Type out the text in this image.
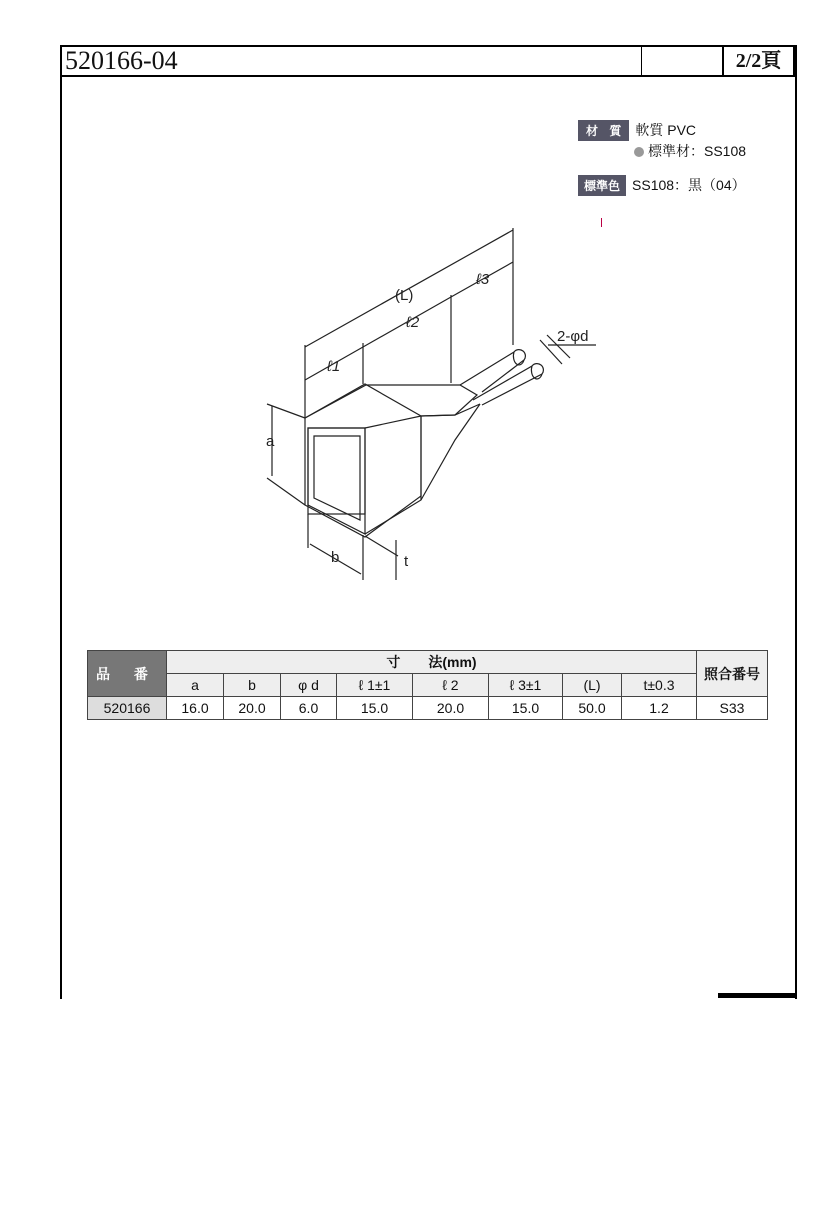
520166-04	2/2頁
材 質 軟質 PVC
標準材：SS108
標準色 SS108：黒（04）
(L)
ℓ1
ℓ2
ℓ3
2-φd
a
b	t
品 番	寸　　法(mm)								照合番号
	a	b	φ d	ℓ 1±1	ℓ 2	ℓ 3±1	(L)	t±0.3	
520166	16.0	20.0	6.0	15.0	20.0	15.0	50.0	1.2	S33
